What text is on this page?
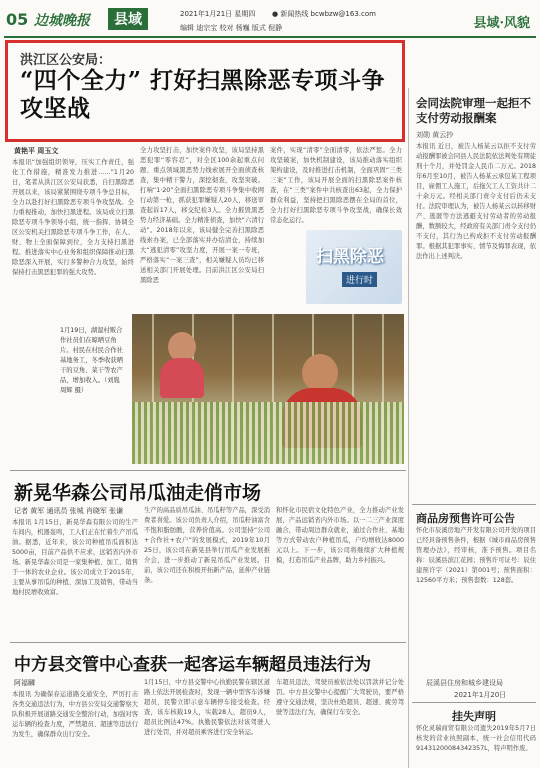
05 边城晚报	县域	2021年1月21日 星期四
编辑 迪宗宝 校对 杨巍 版式 倪静
● 新闻热线 bcwbzw@163.com
县域·风貌
洪江区公安局：
“四个全力” 打好扫黑除恶专项斗争攻坚战
黄艳平 周玉文
本报讯“加强组织领导，压实工作责任，强化工作措施，精准发力推进……”1月20日，笔者从洪江区公安局获悉，自扫黑除恶开展以来，该局紧紧围绕专项斗争总目标，全力以赴打好扫黑除恶专项斗争攻坚战。全力重视推动，加快扫黑进程。该局成立扫黑除恶专项斗争领导小组，统一指挥、协调全区公安机关扫黑除恶专项斗争工作，在人、财、物上全面保障到位，全力支持扫黑进程。推进落实中心业务和组织保障推动扫黑除恶深入开展，实行多警种合力攻坚，始终保持打击黑恶犯罪的强大攻势。
全力攻坚打击，加快案件攻坚，该局坚持黑恶犯罪“零容忍”，对全区100余起重点问题、重点领域黑恶势力线索展开全面侦查核查，集中精干警力，深挖彻查，攻坚突破。打响“1·20”全面扫黑除恶专项斗争集中收网行动第一枪，抓获犯罪嫌疑人20人，移送审查起诉17人，移交纪检3人。全力摧毁黑恶势力经济基础。全力精准侦查，加快“六清行动”。2018年以来，该局健全完善扫黑除恶线索办案，已全部落实并办结清仓，持续加大“逃犯清零”攻坚力度，开展一案一专班，严格落实“一案三查”，相关嫌疑人员均已移送相关部门开展处理。目前洪江区公安局扫黑除恶
案件，实现“清零”全面清零，依法严惩。全力攻坚破案，加快机制建设，该局推动落实组织架构建设，及时推进打击机制，全面巩固“三类三案”工作，该局开展全面的扫黑除恶案件核查，在“三类”案件中共核查出63起，全力保护群众利益，坚持把扫黑除恶摆在全局的首位，全力打好扫黑除恶专项斗争攻坚战，确保长效常态化运行。
扫黑除恶
进行时
1月19日，湖湿村贩合作社员们在晾晒豆角片。村民在村民合作社基地务工，冬季收获晒干的豆角、菜干等农产品，增加收入。（刘胤 周辉 摄）
新晃华森公司吊瓜油走俏市场
记者 黄军 通讯员 张城 肖晓军 张谦
本报讯 1月15日，新晃华森有限公司的生产车间内，机器轰鸣，工人们正在忙着生产吊瓜油。据悉，近年来，该公司种植吊瓜面积达5000亩，目前产品供不应求，远销省内外市场。新晃华森公司是一家集种植、加工、销售于一体的农业企业。该公司成立于2015年，主要从事吊瓜的种植、深加工及销售，带动当地村民增收致富。
生产的高品质吊瓜油、吊瓜籽等产品，深受消费者喜爱。该公司负责人介绍，吊瓜籽油富含不饱和脂肪酸，营养价值高。公司坚持“公司+合作社+农户”的发展模式，2019年10月25日，该公司在新晃县举行吊瓜产业发展推介会，进一步推动了新晃吊瓜产业发展。目前，该公司还在积极开拓新产品，延伸产业链条。
和怀化市民宿文化特色产业，全力推动产业发展，产品远销省内外市场。以一二三产业深度融合，带动周边群众就业，通过合作社、基地等方式带动农户种植吊瓜，户均增收达8000元以上。下一步，该公司将继续扩大种植规模，打造吊瓜产业品牌，助力乡村振兴。
中方县交管中心查获一起客运车辆超员违法行为
阿福麟
本报讯 为确保春运道路交通安全，严厉打击各类交通违法行为，中方县公安局交通警察大队积极开展道路交通安全整治行动，加强对客运车辆的检查力度，严禁超员、超速等违法行为发生，确保群众出行安全。
1月15日，中方县交警中心执勤民警在辖区道路上依法开展检查时，发现一辆中型客车涉嫌超员，民警立即示意车辆停车接受检查。经查，该车核载19人，实载28人，超员9人，超员比例达47%。执勤民警依法对该驾驶人进行处罚，并对超员乘客进行安全转运。
车超员违法，驾驶员被依法处以罚款并记分处罚。中方县交警中心提醒广大驾驶员，要严格遵守交通法规，坚决杜绝超员、超速、疲劳驾驶等违法行为，确保行车安全。
会同法院审理一起拒不支付劳动报酬案
刘勋 黄云抄
本报讯 近日，被告人杨某云以拒不支付劳动报酬罪被会同县人民法院依法判处有期徒刑十个月，并处罚金人民币二万元。2018年6月至10月，被告人杨某云承包某工程项目，雇佣工人施工，后拖欠工人工资共计二十余万元。经相关部门责令支付后仍未支付。法院审理认为，被告人杨某云以转移财产、逃匿等方法逃避支付劳动者的劳动报酬，数额较大，经政府有关部门责令支付仍不支付，其行为已构成拒不支付劳动报酬罪。根据其犯罪事实、情节及悔罪表现，依法作出上述判决。
商品房预售许可公告
怀化市辰溪房地产开发有限公司开发的项目已经具备预售条件，根据《城市商品房预售管理办法》，经审核，准予预售。项目名称：辰溪县滨江花园；预售许可证号：辰住建预许字（2021）第001号；预售面积：12560平方米；预售套数：128套。
辰溪县住房和城乡建设局
2021年1月20日
挂失声明
怀化灵瑞商贸有限公司遗失2019年5月7日核发的营业执照副本，统一社会信用代码91431200084342357L，特声明作废。
